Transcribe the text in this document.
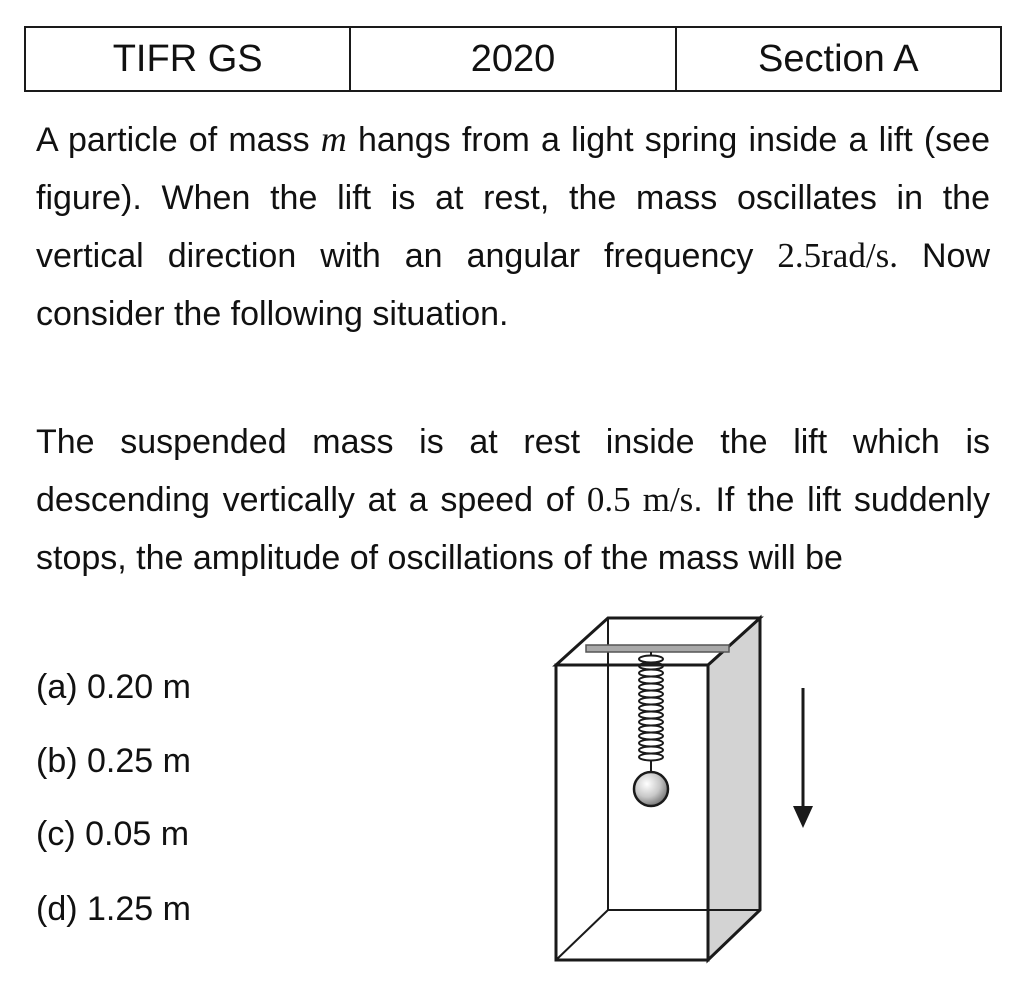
TIFR GS	2020	Section A

A particle of mass m hangs from a light spring inside a lift (see figure). When the lift is at rest, the mass oscillates in the vertical direction with an angular frequency 2.5rad/s. Now consider the following situation.

The suspended mass is at rest inside the lift which is descending vertically at a speed of 0.5 m/s. If the lift suddenly stops, the amplitude of oscillations of the mass will be

(a) 0.20 m
(b) 0.25 m
(c) 0.05 m
(d) 1.25 m
